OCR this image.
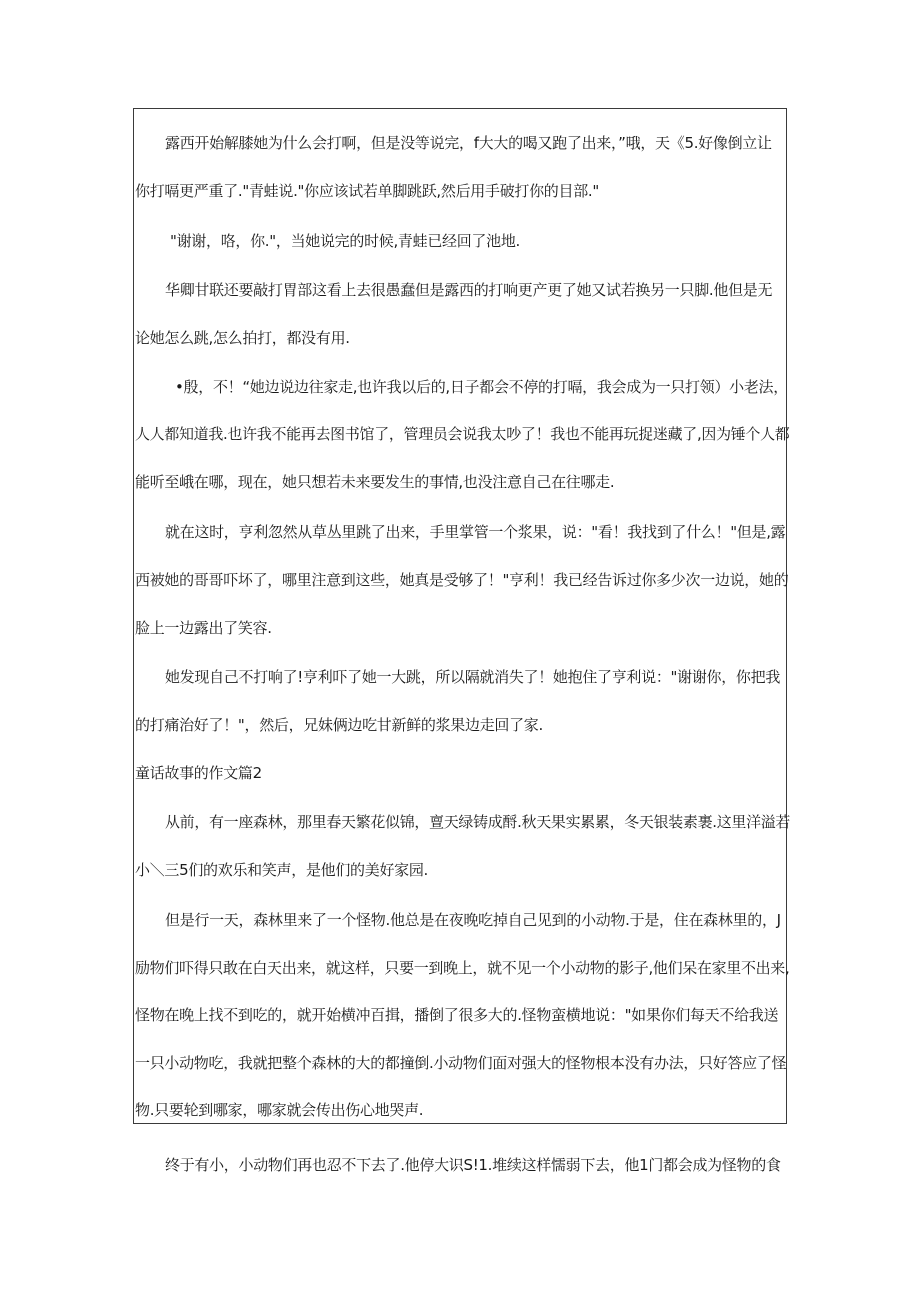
露西开始解膝她为什么会打啊，但是没等说完，f大大的喝又跑了出来，”哦，天《5.好像倒立让
你打嗝更严重了."青蛙说."你应该试若单脚跳跃,然后用手破打你的目部."
"谢谢，咯，你."，当她说完的时候,青蛙已经回了池地.
华卿甘联还要敲打胃部这看上去很愚蠢但是露西的打响更产更了她又试若换另一只脚.他但是无
论她怎么跳,怎么拍打，都没有用.
•殷，不！“她边说边往家走,也许我以后的,日子都会不停的打嗝，我会成为一只打领）小老法，
人人都知道我.也许我不能再去图书馆了，管理员会说我太吵了！我也不能再玩捉迷藏了,因为锤个人都
能听至峨在哪，现在，她只想若未来要发生的事情,也没注意自己在往哪走.
就在这时，亨利忽然从草丛里跳了出来，手里掌管一个浆果，说："看！我找到了什么！"但是,露
西被她的哥哥吓坏了，哪里注意到这些，她真是受够了！"亨利！我已经告诉过你多少次一边说，她的
脸上一边露出了笑容.
她发现自己不打响了!亨利吓了她一大跳，所以隔就消失了！她抱住了亨利说："谢谢你，你把我
的打痛治好了！"，然后，兄妹俩边吃甘新鲜的浆果边走回了家.
童话故事的作文篇2
从前，有一座森林，那里春天繁花似锦，亶天绿铸成酹.秋天果实累累，冬天银装素裹.这里洋溢若
小＼三5们的欢乐和笑声，是他们的美好家园.
但是行一天，森林里来了一个怪物.他总是在夜晚吃掉自己见到的小动物.于是，住在森林里的，J
励物们吓得只敢在白天出来，就这样，只要一到晚上，就不见一个小动物的影子,他们呆在家里不出来,
怪物在晚上找不到吃的，就开始横冲百揖，播倒了很多大的.怪物蛮横地说："如果你们每天不给我送
一只小动物吃，我就把整个森林的大的都撞倒.小动物们面对强大的怪物根本没有办法，只好答应了怪
物.只要轮到哪家，哪家就会传出伤心地哭声.
终于有小，小动物们再也忍不下去了.他停大识S!1.堆续这样懦弱下去，他1门都会成为怪物的食
